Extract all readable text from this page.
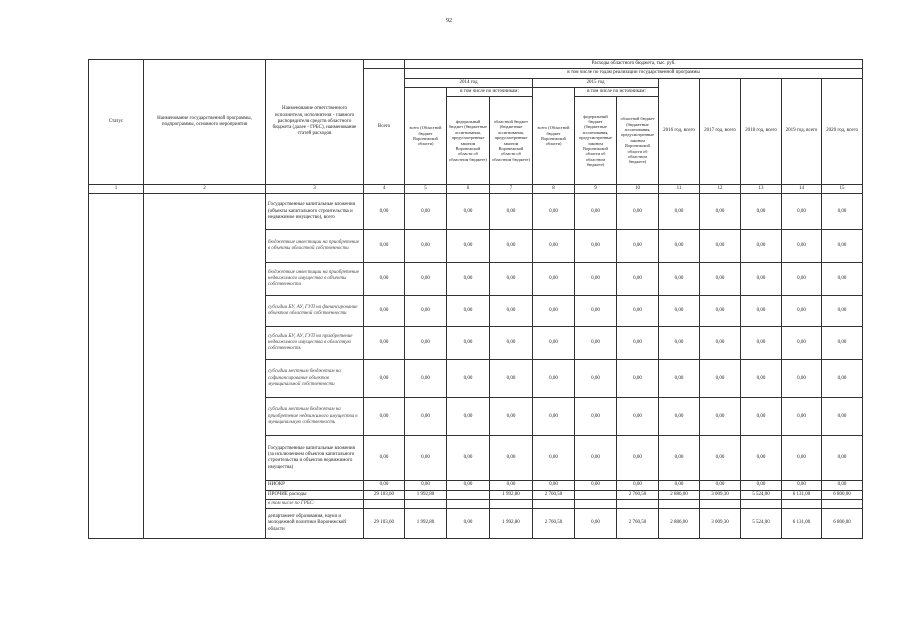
92
Статус	Наименование государственной программы, подпрограммы, основного мероприятия	Наименование ответственного исполнителя, исполнителя - главного распорядителя средств областного бюджета (далее - ГРБС), наименование статей расходов		Расходы областного бюджета, тыс. руб.										
			Всего	в том числе по годам реализации государственной программы										
				2014 год			2015 год			2016 год, всего	2017 год, всего	2018 год, всего	2019 год, всего	2020 год, всего
				всего (Областной бюджет Воронежской области)	в том числе по источникам:		всего (Областной бюджет Воронежской области)	в том числе по источникам:						
					федеральный бюджет (бюджетные ассигнования, предусмотренные законом Воронежской области об областном бюджете)	областной бюджет (бюджетные ассигнования, предусмотренные законом Воронежской области об областном бюджете)		федеральный бюджет (бюджетные ассигнования, предусмотренные законом Воронежской области об областном бюджете)	областной бюджет (бюджетные ассигнования, предусмотренные законом Воронежской области об областном бюджете)					
1	2	3	4	5	6	7	8	9	10	11	12	13	14	15
		Государственные капитальные вложения (объекты капитального строительства и недвижимое имущество), всего	0,00	0,00	0,00	0,00	0,00	0,00	0,00	0,00	0,00	0,00	0,00	0,00
		бюджетные инвестиции на приобретение в объекты областной собственности	0,00	0,00	0,00	0,00	0,00	0,00	0,00	0,00	0,00	0,00	0,00	0,00
		бюджетные инвестиции на приобретение недвижимого имущества в объекты собственности	0,00	0,00	0,00	0,00	0,00	0,00	0,00	0,00	0,00	0,00	0,00	0,00
		субсидии БУ, АУ, ГУП на финансирование объектов областной собственности	0,00	0,00	0,00	0,00	0,00	0,00	0,00	0,00	0,00	0,00	0,00	0,00
		субсидии БУ, АУ, ГУП на приобретение недвижимого имущества в областную собственность	0,00	0,00	0,00	0,00	0,00	0,00	0,00	0,00	0,00	0,00	0,00	0,00
		субсидии местным бюджетам на софинансирование объектов муниципальной собственности	0,00	0,00	0,00	0,00	0,00	0,00	0,00	0,00	0,00	0,00	0,00	0,00
		субсидии местным бюджетам на приобретение недвижимого имущества в муниципальную собственность	0,00	0,00	0,00	0,00	0,00	0,00	0,00	0,00	0,00	0,00	0,00	0,00
		Государственные капитальные вложения (за исключением объектов капитального строительства и объектов недвижимого имущества)	0,00	0,00	0,00	0,00	0,00	0,00	0,00	0,00	0,00	0,00	0,00	0,00
		НИОКР	0,00	0,00	0,00	0,00	0,00	0,00	0,00	0,00	0,00	0,00	0,00	0,00
		ПРОЧИЕ расходы	29 103,60	1 992,80		1 992,80	2 760,50		2 760,50	2 886,00	3 009,30	5 524,00	6 131,00	6 800,00
		в том числе по ГРБС:												
		департамент образования, науки и молодежной политики Воронежской области	29 103,60	1 992,80	0,00	1 992,80	2 760,50	0,00	2 760,50	2 886,00	3 009,30	5 524,00	6 131,00	6 800,00
